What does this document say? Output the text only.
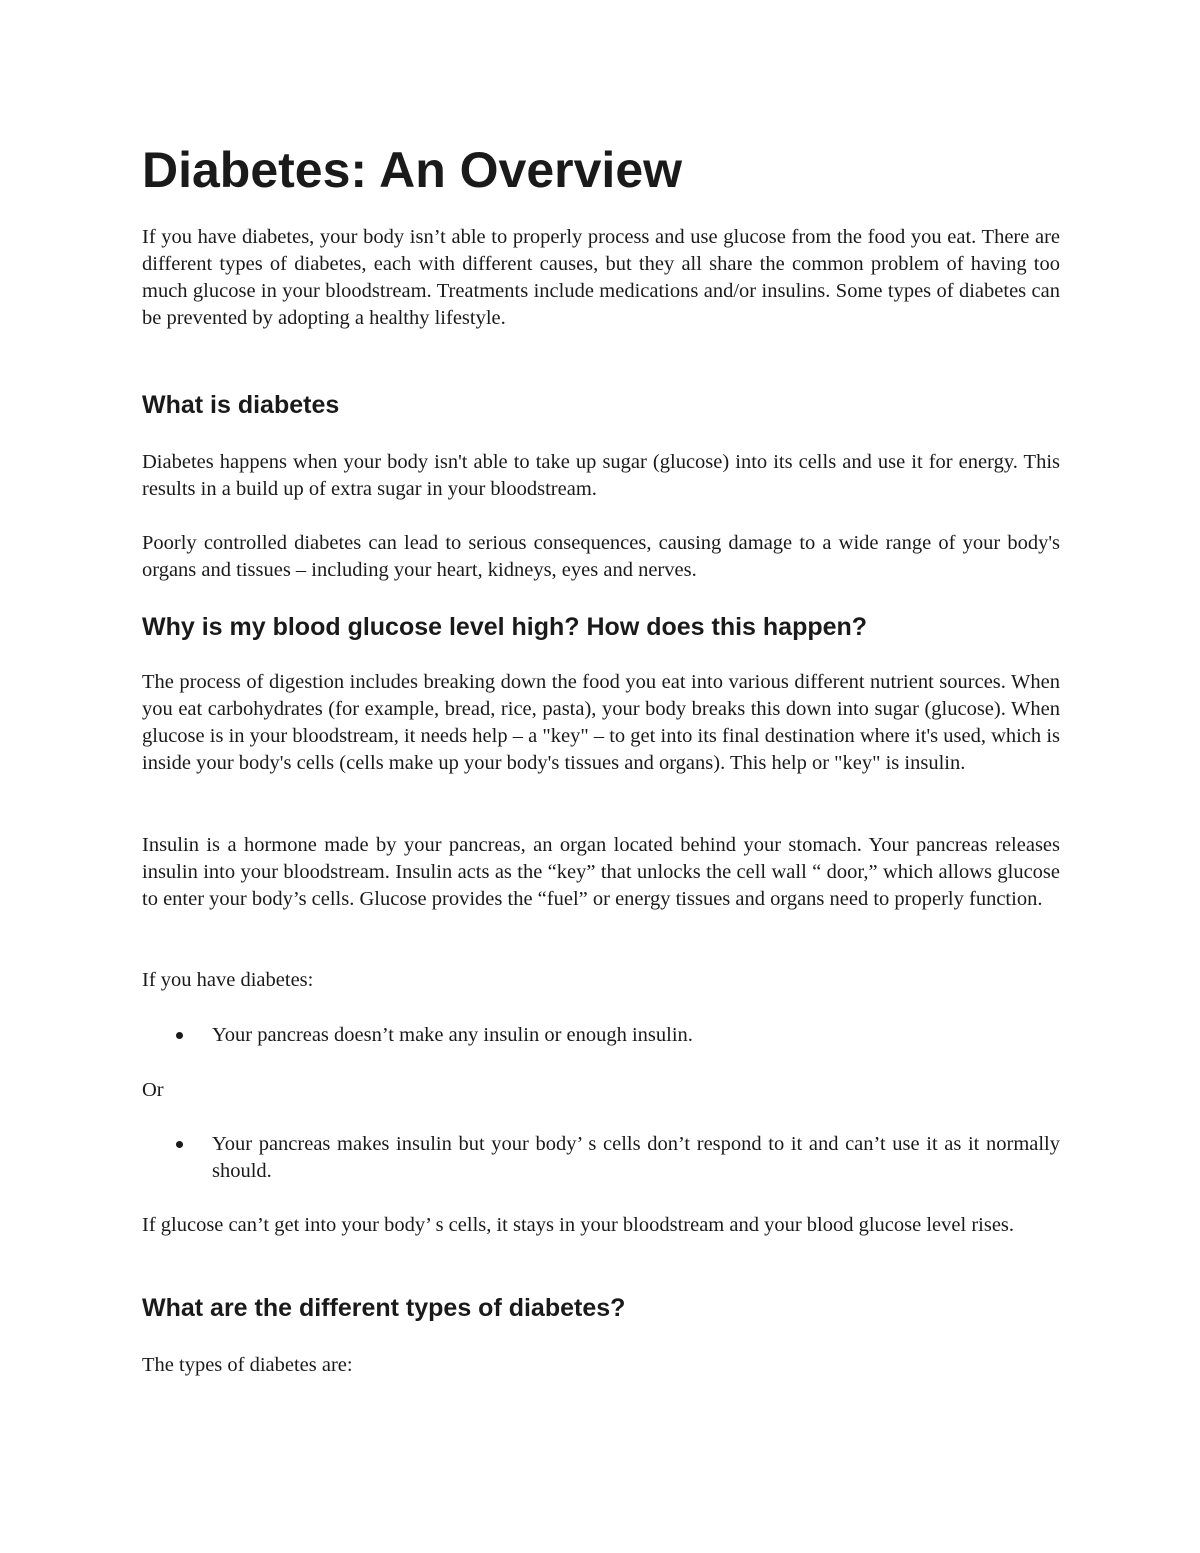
Diabetes: An Overview

If you have diabetes, your body isn’t able to properly process and use glucose from the food you eat. There are different types of diabetes, each with different causes, but they all share the common problem of having too much glucose in your bloodstream. Treatments include medications and/or insulins. Some types of diabetes can be prevented by adopting a healthy lifestyle.

What is diabetes

Diabetes happens when your body isn't able to take up sugar (glucose) into its cells and use it for energy. This results in a build up of extra sugar in your bloodstream.

Poorly controlled diabetes can lead to serious consequences, causing damage to a wide range of your body's organs and tissues – including your heart, kidneys, eyes and nerves.

Why is my blood glucose level high? How does this happen?

The process of digestion includes breaking down the food you eat into various different nutrient sources. When you eat carbohydrates (for example, bread, rice, pasta), your body breaks this down into sugar (glucose). When glucose is in your bloodstream, it needs help – a "key" – to get into its final destination where it's used, which is inside your body's cells (cells make up your body's tissues and organs). This help or "key" is insulin.

Insulin is a hormone made by your pancreas, an organ located behind your stomach. Your pancreas releases insulin into your bloodstream. Insulin acts as the “key” that unlocks the cell wall “ door,” which allows glucose to enter your body’s cells. Glucose provides the “fuel” or energy tissues and organs need to properly function.

If you have diabetes:

Your pancreas doesn’t make any insulin or enough insulin.

Or

Your pancreas makes insulin but your body’ s cells don’t respond to it and can’t use it as it normally should.

If glucose can’t get into your body’ s cells, it stays in your bloodstream and your blood glucose level rises.

What are the different types of diabetes?

The types of diabetes are:
